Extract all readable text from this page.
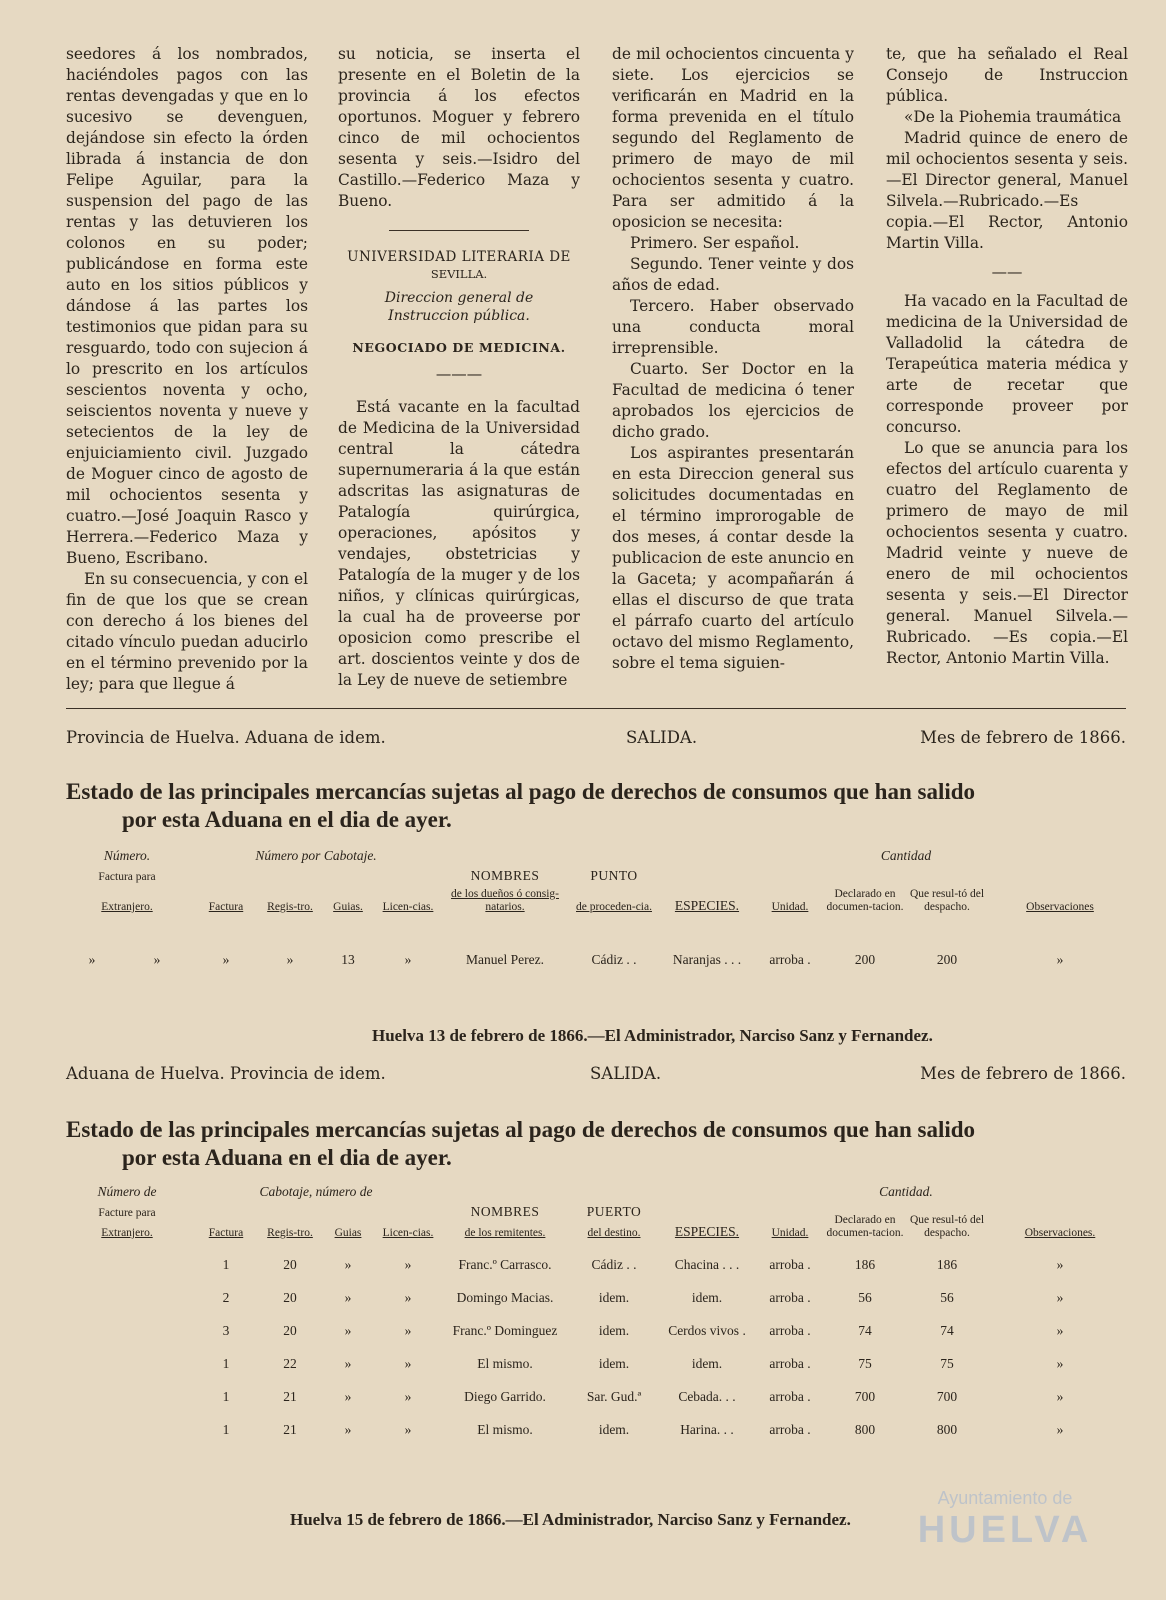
seedores á los nombrados, haciéndoles pagos con las rentas devengadas y que en lo sucesivo se devenguen, dejándose sin efecto la órden librada á instancia de don Felipe Aguilar, para la suspension del pago de las rentas y las detuvieren los colonos en su poder; publicándose en forma este auto en los sitios públicos y dándose á las partes los testimonios que pidan para su resguardo, todo con sujecion á lo prescrito en los artículos sescientos noventa y ocho, seiscientos noventa y nueve y setecientos de la ley de enjuiciamiento civil. Juzgado de Moguer cinco de agosto de mil ochocientos sesenta y cuatro.—José Joaquin Rasco y Herrera.—Federico Maza y Bueno, Escribano.

En su consecuencia, y con el fin de que los que se crean con derecho á los bienes del citado vínculo puedan aducirlo en el término prevenido por la ley; para que llegue á

su noticia, se inserta el presente en el Boletin de la provincia á los efectos oportunos. Moguer y febrero cinco de mil ochocientos sesenta y seis.—Isidro del Castillo.—Federico Maza y Bueno.

UNIVERSIDAD LITERARIA DE

SEVILLA.

Direccion general de Instruccion pública.

NEGOCIADO DE MEDICINA.

———

Está vacante en la facultad de Medicina de la Universidad central la cátedra supernumeraria á la que están adscritas las asignaturas de Patalogía quirúrgica, operaciones, apósitos y vendajes, obstetricias y Patalogía de la muger y de los niños, y clínicas quirúrgicas, la cual ha de proveerse por oposicion como prescribe el art. doscientos veinte y dos de la Ley de nueve de setiembre

de mil ochocientos cincuenta y siete. Los ejercicios se verificarán en Madrid en la forma prevenida en el título segundo del Reglamento de primero de mayo de mil ochocientos sesenta y cuatro. Para ser admitido á la oposicion se necesita:

Primero. Ser español.

Segundo. Tener veinte y dos años de edad.

Tercero. Haber observado una conducta moral irreprensible.

Cuarto. Ser Doctor en la Facultad de medicina ó tener aprobados los ejercicios de dicho grado.

Los aspirantes presentarán en esta Direccion general sus solicitudes documentadas en el término improrogable de dos meses, á contar desde la publicacion de este anuncio en la Gaceta; y acompañarán á ellas el discurso de que trata el párrafo cuarto del artículo octavo del mismo Reglamento, sobre el tema siguien-

te, que ha señalado el Real Consejo de Instruccion pública.

«De la Piohemia traumática

Madrid quince de enero de mil ochocientos sesenta y seis.—El Director general, Manuel Silvela.—Rubricado.—Es copia.—El Rector, Antonio Martin Villa.

——

Ha vacado en la Facultad de medicina de la Universidad de Valladolid la cátedra de Terapeútica materia médica y arte de recetar que corresponde proveer por concurso.

Lo que se anuncia para los efectos del artículo cuarenta y cuatro del Reglamento de primero de mayo de mil ochocientos sesenta y cuatro. Madrid veinte y nueve de enero de mil ochocientos sesenta y seis.—El Director general. Manuel Silvela.—Rubricado. —Es copia.—El Rector, Antonio Martin Villa.

Provincia de Huelva. Aduana de idem.	SALIDA.	Mes de febrero de 1866.
Estado de las principales mercancías sujetas al pago de derechos de consumos que han salido
por esta Aduana en el dia de ayer.
Número.		Número por Cabotaje.								Cantidad		
Factura para						NOMBRES	PUNTO			Declarado en documen-tacion.	Que resul-tó del despacho.	
Extranjero.		Factura	Regis-tro.	Guias.	Licen-cias.	de los dueños ó consig-natarios.	de proceden-cia.	ESPECIES.	Unidad.			Observaciones
»	»	»	»	13	»	Manuel Perez.	Cádiz . .	Naranjas . . .	arroba .	200	200	»
Huelva 13 de febrero de 1866.—El Administrador, Narciso Sanz y Fernandez.
Aduana de Huelva. Provincia de idem.	SALIDA.	Mes de febrero de 1866.
Estado de las principales mercancías sujetas al pago de derechos de consumos que han salido
por esta Aduana en el dia de ayer.
Número de	Cabotaje, número de								Cantidad.		
Facture para					NOMBRES	PUERTO			Declarado en documen-tacion.	Que resul-tó del despacho.	
Extranjero.	Factura	Regis-tro.	Guias	Licen-cias.	de los remitentes.	del destino.	ESPECIES.	Unidad.			Observaciones.
	1	20	»	»	Franc.º Carrasco.	Cádiz . .	Chacina . . .	arroba .	186	186	»
	2	20	»	»	Domingo Macias.	idem.	idem.	arroba .	56	56	»
	3	20	»	»	Franc.º Dominguez	idem.	Cerdos vivos .	arroba .	74	74	»
	1	22	»	»	El mismo.	idem.	idem.	arroba .	75	75	»
	1	21	»	»	Diego Garrido.	Sar. Gud.ª	Cebada. . .	arroba .	700	700	»
	1	21	»	»	El mismo.	idem.	Harina. . .	arroba .	800	800	»
Huelva 15 de febrero de 1866.—El Administrador, Narciso Sanz y Fernandez.
Ayuntamiento de
HUELVA
